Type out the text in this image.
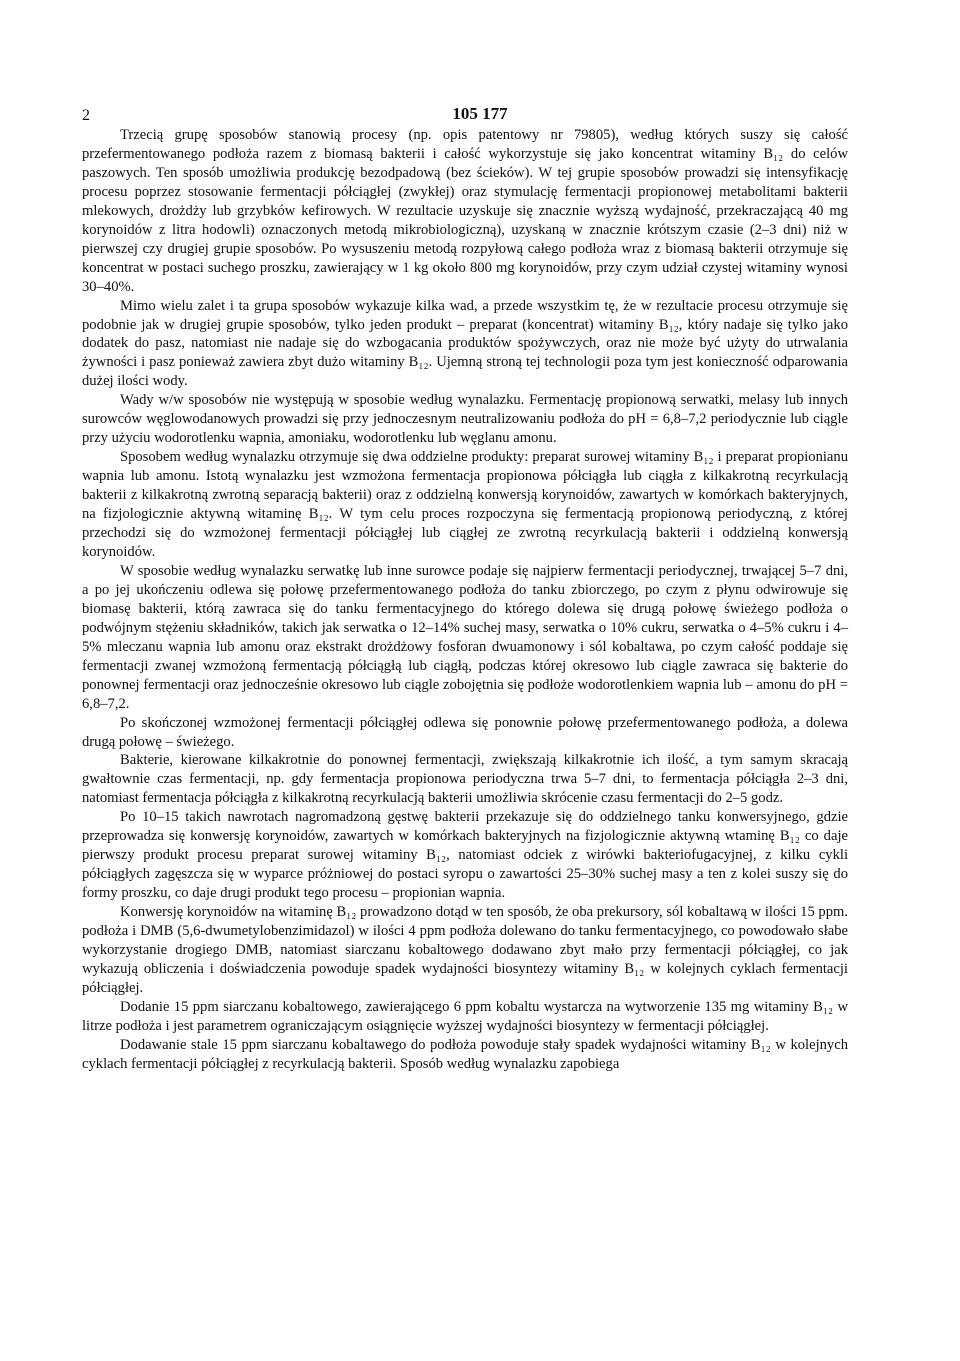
2	105 177

Trzecią grupę sposobów stanowią procesy (np. opis patentowy nr 79805), według których suszy się całość przefermentowanego podłoża razem z biomasą bakterii i całość wykorzystuje się jako koncentrat witaminy B₁₂ do celów paszowych. Ten sposób umożliwia produkcję bezodpadową (bez ścieków). W tej grupie sposobów prowadzi się intensyfikację procesu poprzez stosowanie fermentacji półciągłej (zwykłej) oraz stymulację fermentacji propionowej metabolitami bakterii mlekowych, drożdży lub grzybków kefirowych. W rezultacie uzyskuje się znacznie wyższą wydajność, przekraczającą 40 mg korynoidów z litra hodowli) oznaczonych metodą mikrobiologiczną), uzyskaną w znacznie krótszym czasie (2–3 dni) niż w pierwszej czy drugiej grupie sposobów. Po wysuszeniu metodą rozpyłową całego podłoża wraz z biomasą bakterii otrzymuje się koncentrat w postaci suchego proszku, zawierający w 1 kg około 800 mg korynoidów, przy czym udział czystej witaminy wynosi 30–40%.

Mimo wielu zalet i ta grupa sposobów wykazuje kilka wad, a przede wszystkim tę, że w rezultacie procesu otrzymuje się podobnie jak w drugiej grupie sposobów, tylko jeden produkt – preparat (koncentrat) witaminy B₁₂, który nadaje się tylko jako dodatek do pasz, natomiast nie nadaje się do wzbogacania produktów spożywczych, oraz nie może być użyty do utrwalania żywności i pasz ponieważ zawiera zbyt dużo witaminy B₁₂. Ujemną stroną tej technologii poza tym jest konieczność odparowania dużej ilości wody.

Wady w/w sposobów nie występują w sposobie według wynalazku. Fermentację propionową serwatki, melasy lub innych surowców węglowodanowych prowadzi się przy jednoczesnym neutralizowaniu podłoża do pH = 6,8–7,2 periodycznie lub ciągle przy użyciu wodorotlenku wapnia, amoniaku, wodorotlenku lub węglanu amonu.

Sposobem według wynalazku otrzymuje się dwa oddzielne produkty: preparat surowej witaminy B₁₂ i preparat propionianu wapnia lub amonu. Istotą wynalazku jest wzmożona fermentacja propionowa półciągła lub ciągła z kilkakrotną recyrkulacją bakterii z kilkakrotną zwrotną separacją bakterii) oraz z oddzielną konwersją korynoidów, zawartych w komórkach bakteryjnych, na fizjologicznie aktywną witaminę B₁₂. W tym celu proces rozpoczyna się fermentacją propionową periodyczną, z której przechodzi się do wzmożonej fermentacji półciągłej lub ciągłej ze zwrotną recyrkulacją bakterii i oddzielną konwersją korynoidów.

W sposobie według wynalazku serwatkę lub inne surowce podaje się najpierw fermentacji periodycznej, trwającej 5–7 dni, a po jej ukończeniu odlewa się połowę przefermentowanego podłoża do tanku zbiorczego, po czym z płynu odwirowuje się biomasę bakterii, którą zawraca się do tanku fermentacyjnego do którego dolewa się drugą połowę świeżego podłoża o podwójnym stężeniu składników, takich jak serwatka o 12–14% suchej masy, serwatka o 10% cukru, serwatka o 4–5% cukru i 4–5% mleczanu wapnia lub amonu oraz ekstrakt drożdżowy fosforan dwuamonowy i sól kobaltawa, po czym całość poddaje się fermentacji zwanej wzmożoną fermentacją półciągłą lub ciągłą, podczas której okresowo lub ciągle zawraca się bakterie do ponownej fermentacji oraz jednocześnie okresowo lub ciągle zobojętnia się podłoże wodorotlenkiem wapnia lub – amonu do pH = 6,8–7,2.

Po skończonej wzmożonej fermentacji półciągłej odlewa się ponownie połowę przefermentowanego podłoża, a dolewa drugą połowę – świeżego.

Bakterie, kierowane kilkakrotnie do ponownej fermentacji, zwiększają kilkakrotnie ich ilość, a tym samym skracają gwałtownie czas fermentacji, np. gdy fermentacja propionowa periodyczna trwa 5–7 dni, to fermentacja półciągła 2–3 dni, natomiast fermentacja półciągła z kilkakrotną recyrkulacją bakterii umożliwia skrócenie czasu fermentacji do 2–5 godz.

Po 10–15 takich nawrotach nagromadzoną gęstwę bakterii przekazuje się do oddzielnego tanku konwersyjnego, gdzie przeprowadza się konwersję korynoidów, zawartych w komórkach bakteryjnych na fizjologicznie aktywną wtaminę B₁₂ co daje pierwszy produkt procesu preparat surowej witaminy B₁₂, natomiast odciek z wirówki bakteriofugacyjnej, z kilku cykli półciągłych zagęszcza się w wyparce próżniowej do postaci syropu o zawartości 25–30% suchej masy a ten z kolei suszy się do formy proszku, co daje drugi produkt tego procesu – propionian wapnia.

Konwersję korynoidów na witaminę B₁₂ prowadzono dotąd w ten sposób, że oba prekursory, sól kobaltawą w ilości 15 ppm. podłoża i DMB (5,6-dwumetylobenzimidazol) w ilości 4 ppm podłoża dolewano do tanku fermentacyjnego, co powodowało słabe wykorzystanie drogiego DMB, natomiast siarczanu kobaltowego dodawano zbyt mało przy fermentacji półciągłej, co jak wykazują obliczenia i doświadczenia powoduje spadek wydajności biosyntezy witaminy B₁₂ w kolejnych cyklach fermentacji półciągłej.

Dodanie 15 ppm siarczanu kobaltowego, zawierającego 6 ppm kobaltu wystarcza na wytworzenie 135 mg witaminy B₁₂ w litrze podłoża i jest parametrem ograniczającym osiągnięcie wyższej wydajności biosyntezy w fermentacji półciągłej.

Dodawanie stale 15 ppm siarczanu kobaltawego do podłoża powoduje stały spadek wydajności witaminy B₁₂ w kolejnych cyklach fermentacji półciągłej z recyrkulacją bakterii. Sposób według wynalazku zapobiega
